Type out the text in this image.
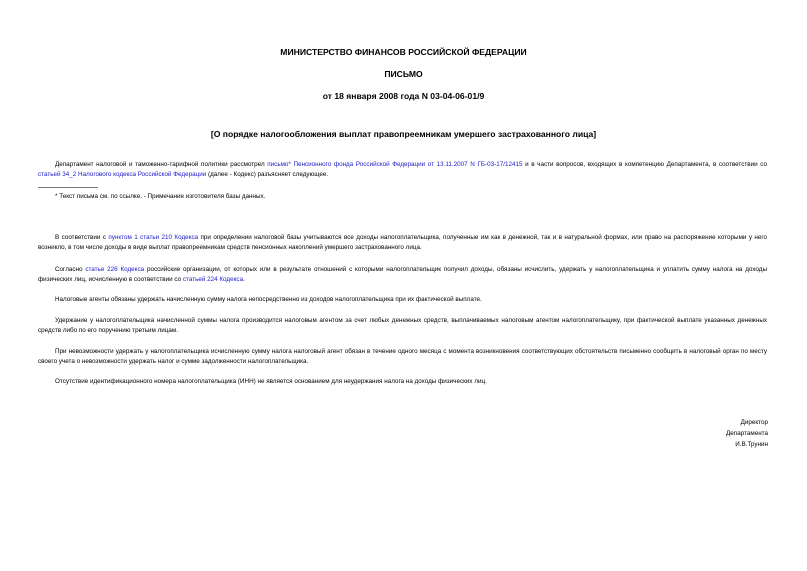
МИНИСТЕРСТВО ФИНАНСОВ РОССИЙСКОЙ ФЕДЕРАЦИИ
ПИСЬМО
от 18 января 2008 года N 03-04-06-01/9
[О порядке налогообложения выплат правопреемникам умершего застрахованного лица]

Департамент налоговой и таможенно-тарифной политики рассмотрел письмо* Пенсионного фонда Российской Федерации от 13.11.2007 N ГБ-03-17/12415 и в части вопросов, входящих в компетенцию Департамента, в соответствии со статьей 34_2 Налогового кодекса Российской Федерации (далее - Кодекс) разъясняет следующее.

* Текст письма см. по ссылке. - Примечание изготовителя базы данных.

В соответствии с пунктом 1 статьи 210 Кодекса при определении налоговой базы учитываются все доходы налогоплательщика, полученные им как в денежной, так и в натуральной формах, или право на распоряжение которыми у него возникло, в том числе доходы в виде выплат правопреемникам средств пенсионных накоплений умершего застрахованного лица.

Согласно статье 226 Кодекса российские организации, от которых или в результате отношений с которыми налогоплательщик получил доходы, обязаны исчислить, удержать у налогоплательщика и уплатить сумму налога на доходы физических лиц, исчисленную в соответствии со статьей 224 Кодекса.

Налоговые агенты обязаны удержать начисленную сумму налога непосредственно из доходов налогоплательщика при их фактической выплате.

Удержание у налогоплательщика начисленной суммы налога производится налоговым агентом за счет любых денежных средств, выплачиваемых налоговым агентом налогоплательщику, при фактической выплате указанных денежных средств либо по его поручению третьим лицам.

При невозможности удержать у налогоплательщика исчисленную сумму налога налоговый агент обязан в течение одного месяца с момента возникновения соответствующих обстоятельств письменно сообщить в налоговый орган по месту своего учета о невозможности удержать налог и сумме задолженности налогоплательщика.

Отсутствие идентификационного номера налогоплательщика (ИНН) не является основанием для неудержания налога на доходы физических лиц.

Директор
Департамента
И.В.Трунин
